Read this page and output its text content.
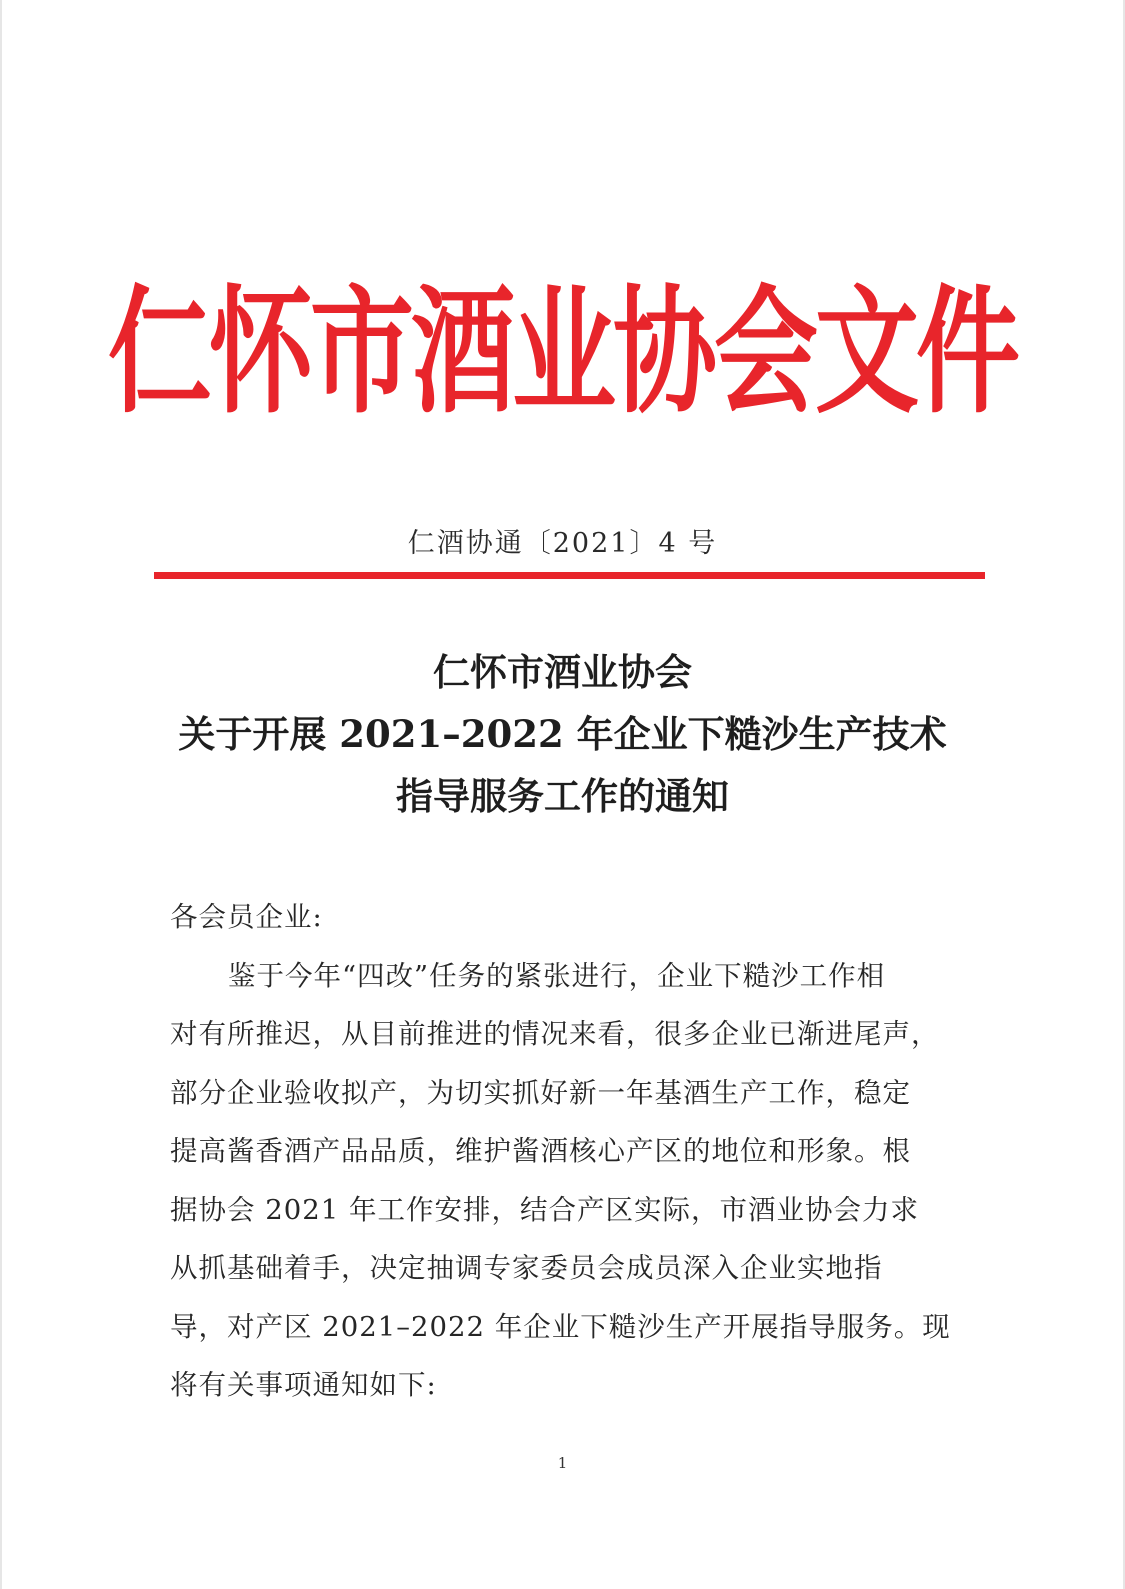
仁怀市酒业协会文件
仁酒协通〔2021〕4 号
仁怀市酒业协会
关于开展 2021–2022 年企业下糙沙生产技术
指导服务工作的通知
各会员企业:
鉴于今年“四改”任务的紧张进行，企业下糙沙工作相
对有所推迟，从目前推进的情况来看，很多企业已渐进尾声，
部分企业验收拟产，为切实抓好新一年基酒生产工作，稳定
提高酱香酒产品品质，维护酱酒核心产区的地位和形象。根
据协会 2021 年工作安排，结合产区实际，市酒业协会力求
从抓基础着手，决定抽调专家委员会成员深入企业实地指
导，对产区 2021–2022 年企业下糙沙生产开展指导服务。现
将有关事项通知如下:
1
